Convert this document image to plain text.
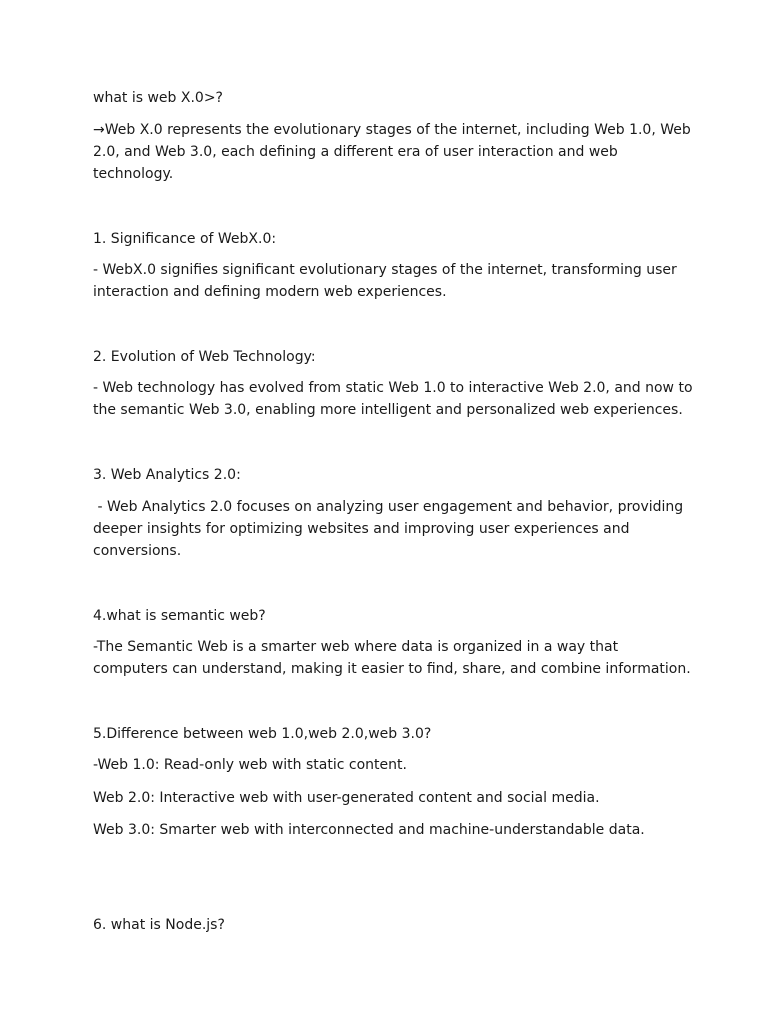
what is web X.0>?
→Web X.0 represents the evolutionary stages of the internet, including Web 1.0, Web
2.0, and Web 3.0, each defining a different era of user interaction and web
technology.
1. Significance of WebX.0:
- WebX.0 signifies significant evolutionary stages of the internet, transforming user
interaction and defining modern web experiences.
2. Evolution of Web Technology:
- Web technology has evolved from static Web 1.0 to interactive Web 2.0, and now to
the semantic Web 3.0, enabling more intelligent and personalized web experiences.
3. Web Analytics 2.0:
- Web Analytics 2.0 focuses on analyzing user engagement and behavior, providing
deeper insights for optimizing websites and improving user experiences and
conversions.
4.what is semantic web?
-The Semantic Web is a smarter web where data is organized in a way that
computers can understand, making it easier to find, share, and combine information.
5.Difference between web 1.0,web 2.0,web 3.0?
-Web 1.0: Read-only web with static content.
Web 2.0: Interactive web with user-generated content and social media.
Web 3.0: Smarter web with interconnected and machine-understandable data.
6. what is Node.js?
